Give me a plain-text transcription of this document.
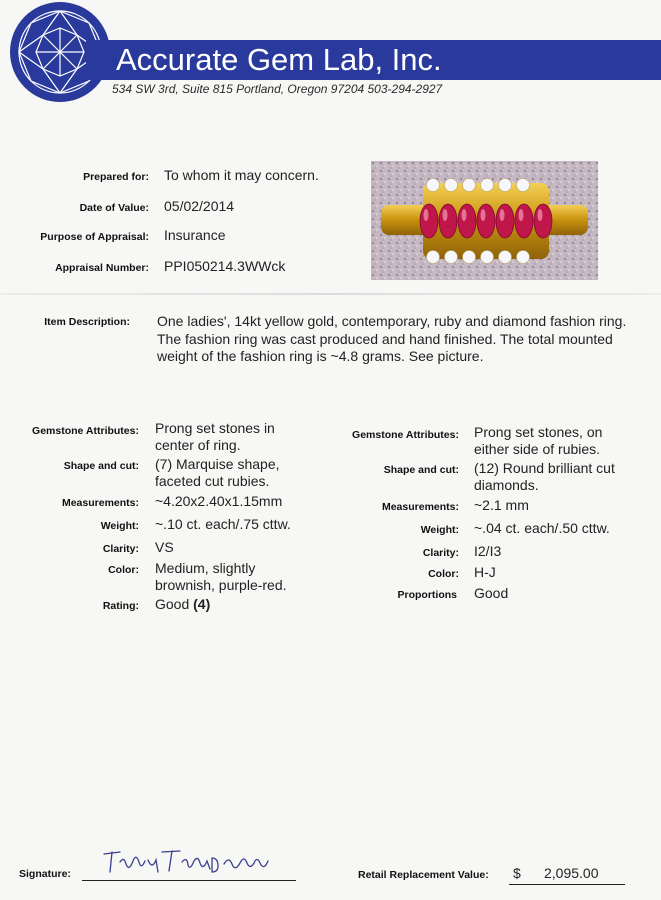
Accurate Gem Lab, Inc.
534 SW 3rd, Suite 815 Portland, Oregon 97204 503-294-2927
Prepared for: To whom it may concern.
Date of Value: 05/02/2014
Purpose of Appraisal: Insurance
Appraisal Number: PPI050214.3WWck
Item Description: One ladies', 14kt yellow gold, contemporary, ruby and diamond fashion ring. The fashion ring was cast produced and hand finished. The total mounted weight of the fashion ring is ~4.8 grams. See picture.
Gemstone Attributes: Prong set stones in center of ring.
Shape and cut: (7) Marquise shape, faceted cut rubies.
Measurements: ~4.20x2.40x1.15mm
Weight: ~.10 ct. each/.75 cttw.
Clarity: VS
Color: Medium, slightly brownish, purple-red.
Rating: Good (4)
Gemstone Attributes: Prong set stones, on either side of rubies.
Shape and cut: (12) Round brilliant cut diamonds.
Measurements: ~2.1 mm
Weight: ~.04 ct. each/.50 cttw.
Clarity: I2/I3
Color: H-J
Proportions Good
Signature:	Retail Replacement Value: $ 2,095.00
